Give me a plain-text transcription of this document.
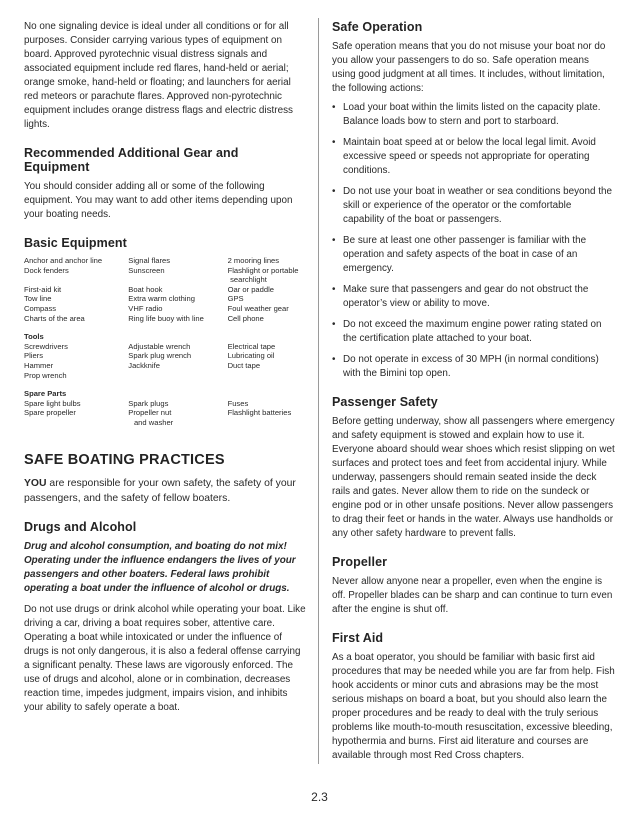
No one signaling device is ideal under all conditions or for all purposes. Consider carrying various types of equipment on board. Approved pyrotechnic visual distress signals and associated equipment include red flares, hand-held or aerial; orange smoke, hand-held or floating; and launchers for aerial red meteors or parachute flares. Approved non-pyrotechnic equipment includes orange distress flags and electric distress lights.

Recommended Additional Gear and Equipment

You should consider adding all or some of the following equipment. You may want to add other items depending upon your boating needs.

Basic Equipment

Anchor and anchor line	Signal flares	2 mooring lines
Dock fenders	Sunscreen	Flashlight or portable
searchlight
First-aid kit	Boat hook	Oar or paddle
Tow line	Extra warm clothing	GPS
Compass	VHF radio	Foul weather gear
Charts of the area	Ring life buoy with line	Cell phone
Tools
Screwdrivers	Adjustable wrench	Electrical tape
Pliers	Spark plug wrench	Lubricating oil
Hammer	Jackknife	Duct tape
Prop wrench
Spare Parts
Spare light bulbs	Spark plugs	Fuses
Spare propeller	Propeller nut	Flashlight batteries
and washer

SAFE BOATING PRACTICES

YOU are responsible for your own safety, the safety of your passengers, and the safety of fellow boaters.

Drugs and Alcohol

Drug and alcohol consumption, and boating do not mix! Operating under the influence endangers the lives of your passengers and other boaters. Federal laws prohibit operating a boat under the influence of alcohol or drugs.

Do not use drugs or drink alcohol while operating your boat. Like driving a car, driving a boat requires sober, attentive care. Operating a boat while intoxicated or under the influence of drugs is not only dangerous, it is also a federal offense carrying a significant penalty. These laws are vigorously enforced. The use of drugs and alcohol, alone or in combination, decreases reaction time, impedes judgment, impairs vision, and inhibits your ability to safely operate a boat.

Safe Operation

Safe operation means that you do not misuse your boat nor do you allow your passengers to do so. Safe operation means using good judgment at all times. It includes, without limitation, the following actions:

• Load your boat within the limits listed on the capacity plate. Balance loads bow to stern and port to starboard.
• Maintain boat speed at or below the local legal limit. Avoid excessive speed or speeds not appropriate for operating conditions.
• Do not use your boat in weather or sea conditions beyond the skill or experience of the operator or the comfortable capability of the boat or passengers.
• Be sure at least one other passenger is familiar with the operation and safety aspects of the boat in case of an emergency.
• Make sure that passengers and gear do not obstruct the operator’s view or ability to move.
• Do not exceed the maximum engine power rating stated on the certification plate attached to your boat.
• Do not operate in excess of 30 MPH (in normal conditions) with the Bimini top open.

Passenger Safety

Before getting underway, show all passengers where emergency and safety equipment is stowed and explain how to use it. Everyone aboard should wear shoes which resist slipping on wet surfaces and protect toes and feet from accidental injury. While underway, passengers should remain seated inside the deck rails and gates. Never allow them to ride on the sundeck or engine pod or in other unsafe positions. Never allow passengers to drag their feet or hands in the water. Always use handholds or any other safety hardware to prevent falls.

Propeller

Never allow anyone near a propeller, even when the engine is off. Propeller blades can be sharp and can continue to turn even after the engine is shut off.

First Aid

As a boat operator, you should be familiar with basic first aid procedures that may be needed while you are far from help. Fish hook accidents or minor cuts and abrasions may be the most serious mishaps on board a boat, but you should also learn the proper procedures and be ready to deal with the truly serious problems like mouth-to-mouth resuscitation, excessive bleeding, hypothermia and burns. First aid literature and courses are available through most Red Cross chapters.

2.3
